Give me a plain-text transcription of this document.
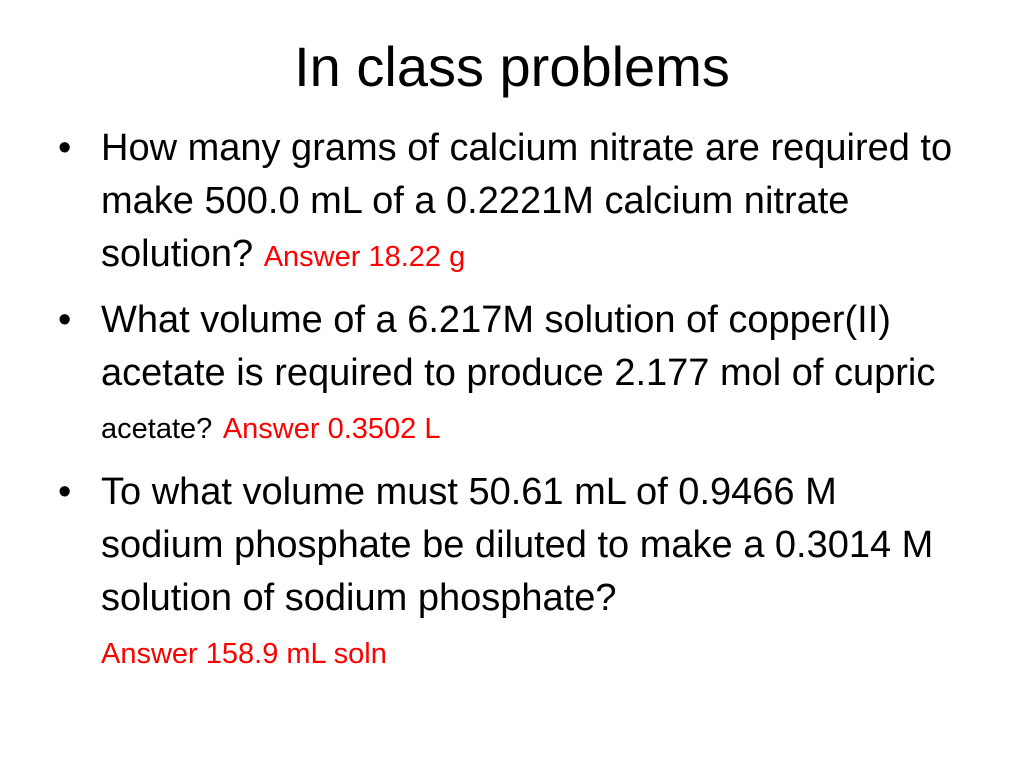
In class problems
• How many grams of calcium nitrate are required to make 500.0 mL of a 0.2221M calcium nitrate solution? Answer 18.22 g
• What volume of a 6.217M solution of copper(II) acetate is required to produce 2.177 mol of cupric acetate? Answer 0.3502 L
• To what volume must 50.61 mL of 0.9466 M sodium phosphate be diluted to make a 0.3014 M solution of sodium phosphate?
Answer 158.9 mL soln
